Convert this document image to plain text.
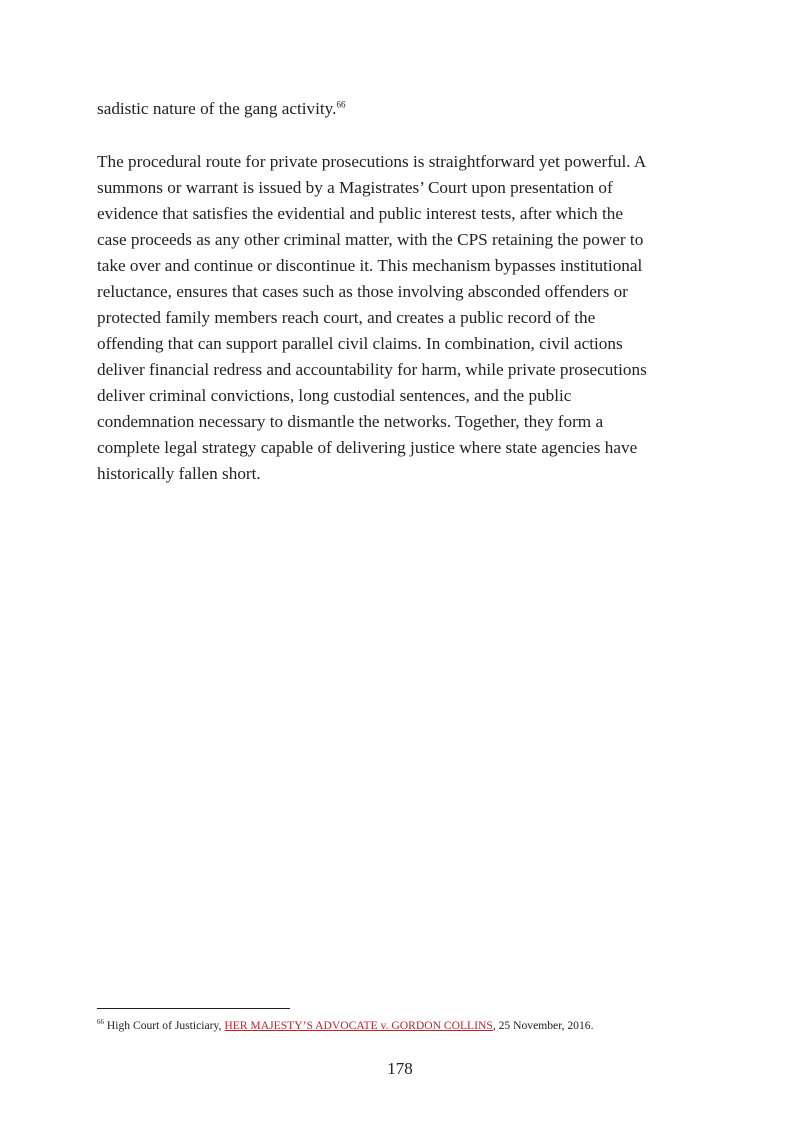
sadistic nature of the gang activity.$^{66}$
The procedural route for private prosecutions is straightforward yet powerful. A
summons or warrant is issued by a Magistrates’ Court upon presentation of
evidence that satisfies the evidential and public interest tests, after which the
case proceeds as any other criminal matter, with the CPS retaining the power to
take over and continue or discontinue it. This mechanism bypasses institutional
reluctance, ensures that cases such as those involving absconded offenders or
protected family members reach court, and creates a public record of the
offending that can support parallel civil claims. In combination, civil actions
deliver financial redress and accountability for harm, while private prosecutions
deliver criminal convictions, long custodial sentences, and the public
condemnation necessary to dismantle the networks. Together, they form a
complete legal strategy capable of delivering justice where state agencies have
historically fallen short.
$^{66}$ High Court of Justiciary, HER MAJESTY’S ADVOCATE v. GORDON COLLINS, 25 November, 2016.
178
